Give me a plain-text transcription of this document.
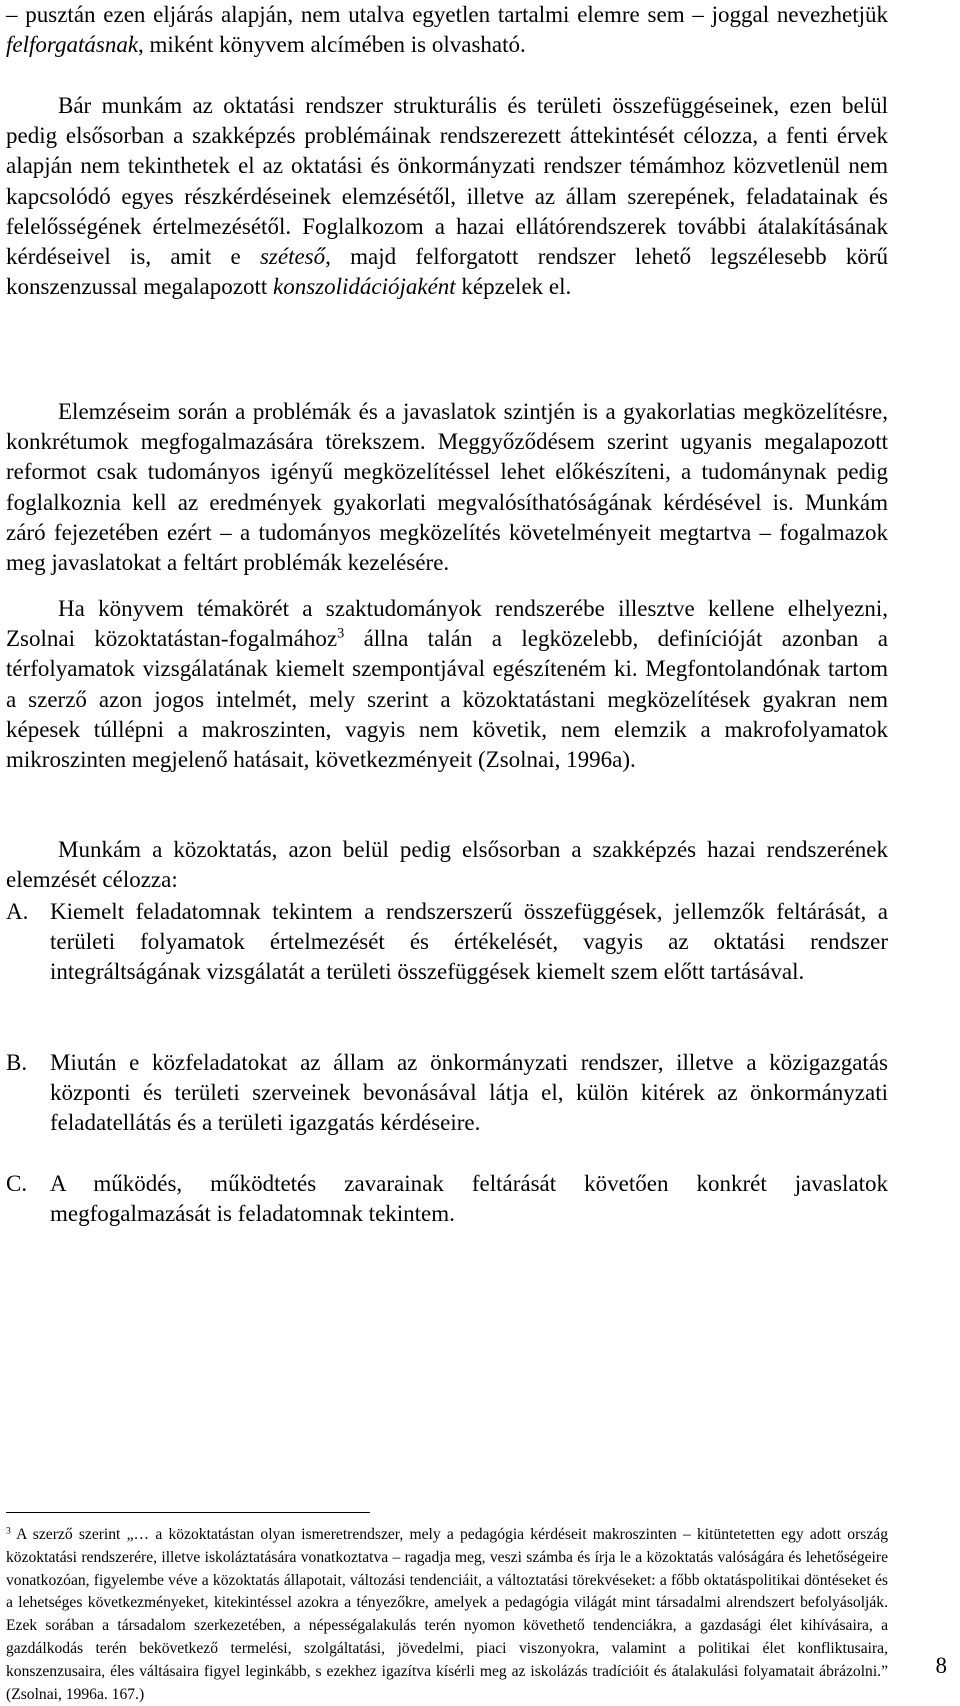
– pusztán ezen eljárás alapján, nem utalva egyetlen tartalmi elemre sem – joggal nevezhetjük felforgatásnak, miként könyvem alcímében is olvasható.

Bár munkám az oktatási rendszer strukturális és területi összefüggéseinek, ezen belül pedig elsősorban a szakképzés problémáinak rendszerezett áttekintését célozza, a fenti érvek alapján nem tekinthetek el az oktatási és önkormányzati rendszer témámhoz közvetlenül nem kapcsolódó egyes részkérdéseinek elemzésétől, illetve az állam szerepének, feladatainak és felelősségének értelmezésétől. Foglalkozom a hazai ellátórendszerek további átalakításának kérdéseivel is, amit e széteső, majd felforgatott rendszer lehető legszélesebb körű konszenzussal megalapozott konszolidációjaként képzelek el.

Elemzéseim során a problémák és a javaslatok szintjén is a gyakorlatias megközelítésre, konkrétumok megfogalmazására törekszem. Meggyőződésem szerint ugyanis megalapozott reformot csak tudományos igényű megközelítéssel lehet előkészíteni, a tudománynak pedig foglalkoznia kell az eredmények gyakorlati megvalósíthatóságának kérdésével is. Munkám záró fejezetében ezért – a tudományos megközelítés követelményeit megtartva – fogalmazok meg javaslatokat a feltárt problémák kezelésére.

Ha könyvem témakörét a szaktudományok rendszerébe illesztve kellene elhelyezni, Zsolnai közoktatástan-fogalmához$^3$ állna talán a legközelebb, definícióját azonban a térfolyamatok vizsgálatának kiemelt szempontjával egészíteném ki. Megfontolandónak tartom a szerző azon jogos intelmét, mely szerint a közoktatástani megközelítések gyakran nem képesek túllépni a makroszinten, vagyis nem követik, nem elemzik a makrofolyamatok mikroszinten megjelenő hatásait, következményeit (Zsolnai, 1996a).

Munkám a közoktatás, azon belül pedig elsősorban a szakképzés hazai rendszerének elemzését célozza:

A. Kiemelt feladatomnak tekintem a rendszerszerű összefüggések, jellemzők feltárását, a területi folyamatok értelmezését és értékelését, vagyis az oktatási rendszer integráltságának vizsgálatát a területi összefüggések kiemelt szem előtt tartásával.
B. Miután e közfeladatokat az állam az önkormányzati rendszer, illetve a közigazgatás központi és területi szerveinek bevonásával látja el, külön kitérek az önkormányzati feladatellátás és a területi igazgatás kérdéseire.
C. A működés, működtetés zavarainak feltárását követően konkrét javaslatok megfogalmazását is feladatomnak tekintem.
$^3$ A szerző szerint „… a közoktatástan olyan ismeretrendszer, mely a pedagógia kérdéseit makroszinten – kitüntetetten egy adott ország közoktatási rendszerére, illetve iskoláztatására vonatkoztatva – ragadja meg, veszi számba és írja le a közoktatás valóságára és lehetőségeire vonatkozóan, figyelembe véve a közoktatás állapotait, változási tendenciáit, a változtatási törekvéseket: a főbb oktatáspolitikai döntéseket és a lehetséges következményeket, kitekintéssel azokra a tényezőkre, amelyek a pedagógia világát mint társadalmi alrendszert befolyásolják. Ezek sorában a társadalom szerkezetében, a népességalakulás terén nyomon követhető tendenciákra, a gazdasági élet kihívásaira, a gazdálkodás terén bekövetkező termelési, szolgáltatási, jövedelmi, piaci viszonyokra, valamint a politikai élet konfliktusaira, konszenzusaira, éles váltásaira figyel leginkább, s ezekhez igazítva kísérli meg az iskolázás tradícióit és átalakulási folyamatait ábrázolni.” (Zsolnai, 1996a. 167.)
8
